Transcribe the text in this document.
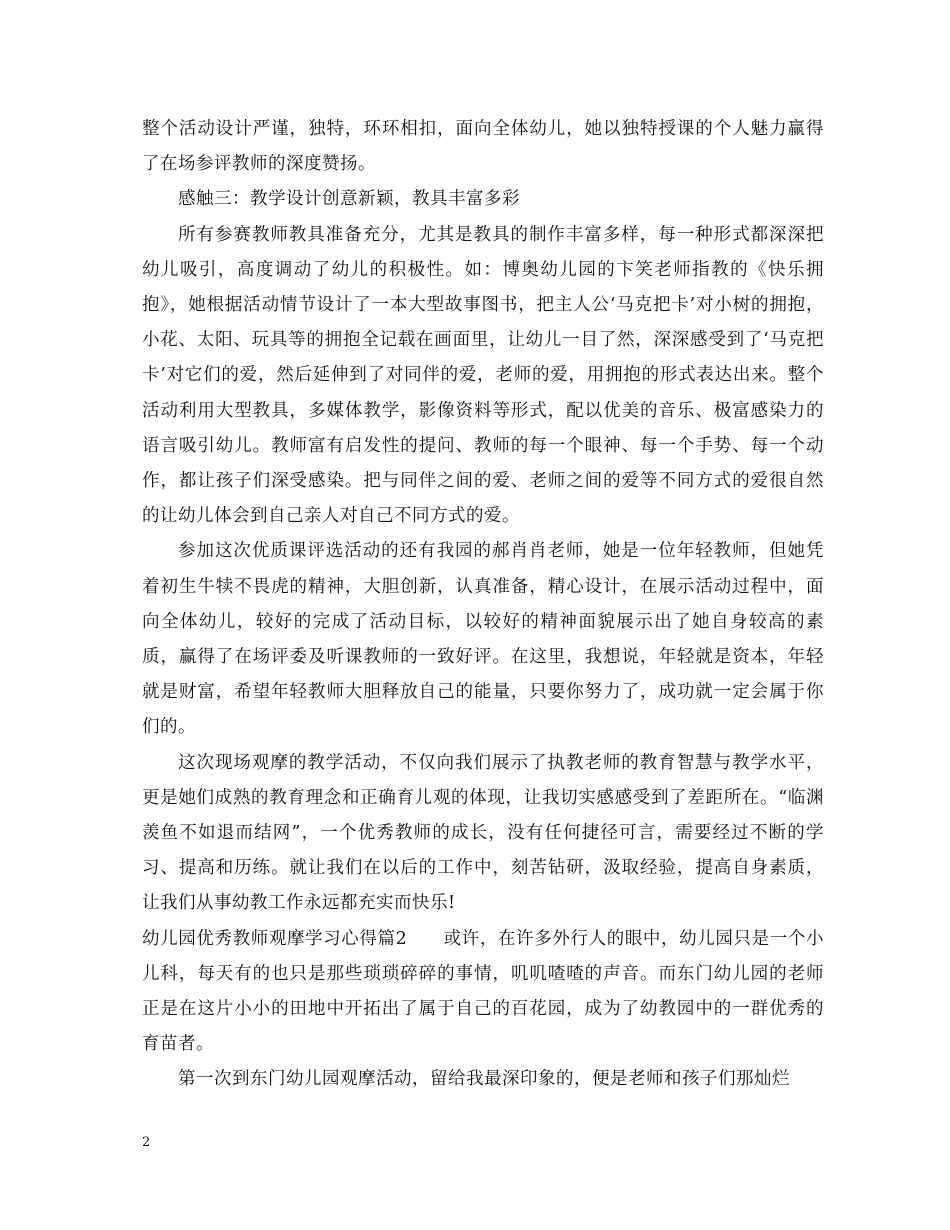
整个活动设计严谨，独特，环环相扣，面向全体幼儿，她以独特授课的个人魅力赢得了在场参评教师的深度赞扬。

感触三：教学设计创意新颖，教具丰富多彩

所有参赛教师教具准备充分，尤其是教具的制作丰富多样，每一种形式都深深把幼儿吸引，高度调动了幼儿的积极性。如：博奥幼儿园的卞笑老师指教的《快乐拥抱》，她根据活动情节设计了一本大型故事图书，把主人公‘马克把卡’对小树的拥抱，小花、太阳、玩具等的拥抱全记载在画面里，让幼儿一目了然，深深感受到了‘马克把卡’对它们的爱，然后延伸到了对同伴的爱，老师的爱，用拥抱的形式表达出来。整个活动利用大型教具，多媒体教学，影像资料等形式，配以优美的音乐、极富感染力的语言吸引幼儿。教师富有启发性的提问、教师的每一个眼神、每一个手势、每一个动作，都让孩子们深受感染。把与同伴之间的爱、老师之间的爱等不同方式的爱很自然的让幼儿体会到自己亲人对自己不同方式的爱。

参加这次优质课评选活动的还有我园的郝肖肖老师，她是一位年轻教师，但她凭着初生牛犊不畏虎的精神，大胆创新，认真准备，精心设计，在展示活动过程中，面向全体幼儿，较好的完成了活动目标，以较好的精神面貌展示出了她自身较高的素质，赢得了在场评委及听课教师的一致好评。在这里，我想说，年轻就是资本，年轻就是财富，希望年轻教师大胆释放自己的能量，只要你努力了，成功就一定会属于你们的。

这次现场观摩的教学活动，不仅向我们展示了执教老师的教育智慧与教学水平，更是她们成熟的教育理念和正确育儿观的体现，让我切实感感受到了差距所在。“临渊羡鱼不如退而结网”，一个优秀教师的成长，没有任何捷径可言，需要经过不断的学习、提高和历练。就让我们在以后的工作中，刻苦钻研，汲取经验，提高自身素质，让我们从事幼教工作永远都充实而快乐!

幼儿园优秀教师观摩学习心得篇2　　或许，在许多外行人的眼中，幼儿园只是一个小儿科，每天有的也只是那些琐琐碎碎的事情，叽叽喳喳的声音。而东门幼儿园的老师正是在这片小小的田地中开拓出了属于自己的百花园，成为了幼教园中的一群优秀的育苗者。

第一次到东门幼儿园观摩活动，留给我最深印象的，便是老师和孩子们那灿烂

2
